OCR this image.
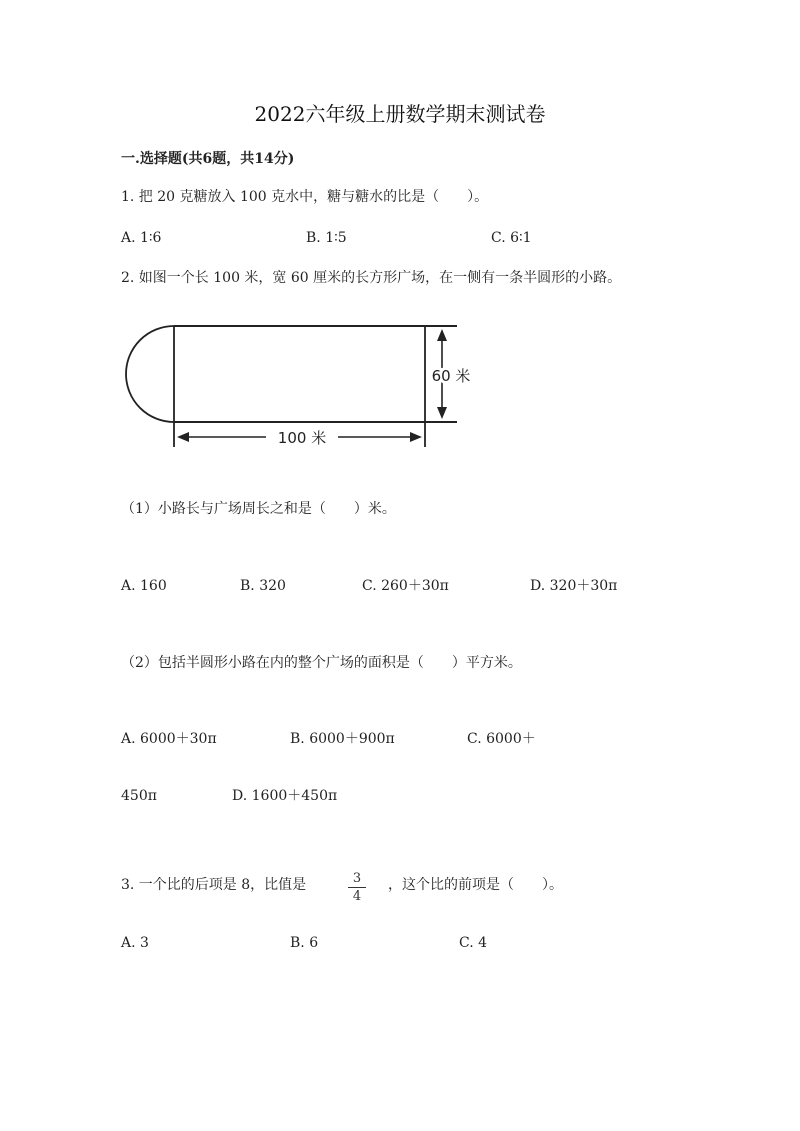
2022六年级上册数学期末测试卷
一.选择题(共6题，共14分)
1. 把 20 克糖放入 100 克水中，糖与糖水的比是（　　）。
A. 1∶6	B. 1∶5	C. 6∶1
2. 如图一个长 100 米，宽 60 厘米的长方形广场，在一侧有一条半圆形的小路。
60 米
100 米
（1）小路长与广场周长之和是（　　）米。
A. 160	B. 320	C. 260＋30π	D. 320＋30π
（2）包括半圆形小路在内的整个广场的面积是（　　）平方米。
A. 6000＋30π	B. 6000＋900π	C. 6000＋
450π	D. 1600＋450π
3. 一个比的后项是 8，比值是	3
4
，这个比的前项是（　　）。
A. 3	B. 6	C. 4
